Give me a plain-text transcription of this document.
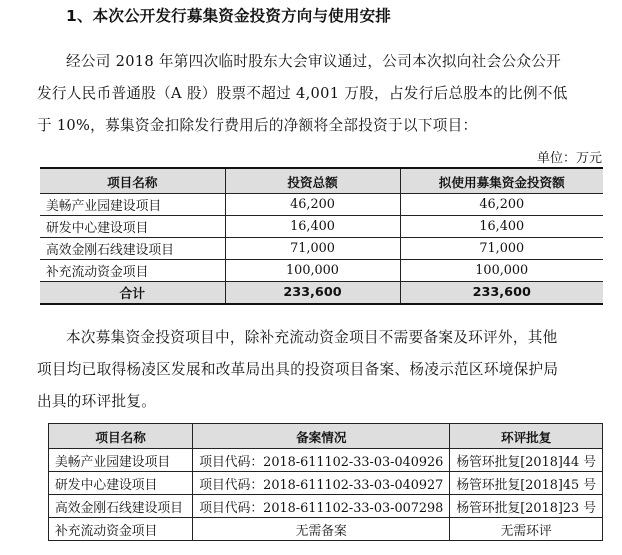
1、本次公开发行募集资金投资方向与使用安排

经公司 2018 年第四次临时股东大会审议通过，公司本次拟向社会公众公开

发行人民币普通股（A 股）股票不超过 4,001 万股，占发行后总股本的比例不低

于 10%，募集资金扣除发行费用后的净额将全部投资于以下项目：

单位：万元
项目名称	投资总额	拟使用募集资金投资额
美畅产业园建设项目	46,200	46,200
研发中心建设项目	16,400	16,400
高效金刚石线建设项目	71,000	71,000
补充流动资金项目	100,000	100,000
合计	233,600	233,600

本次募集资金投资项目中，除补充流动资金项目不需要备案及环评外，其他

项目均已取得杨凌区发展和改革局出具的投资项目备案、杨凌示范区环境保护局

出具的环评批复。

项目名称	备案情况	环评批复
美畅产业园建设项目	项目代码：2018-611102-33-03-040926	杨管环批复[2018]44 号
研发中心建设项目	项目代码：2018-611102-33-03-040927	杨管环批复[2018]45 号
高效金刚石线建设项目	项目代码：2018-611102-33-03-007298	杨管环批复[2018]23 号
补充流动资金项目	无需备案	无需环评
